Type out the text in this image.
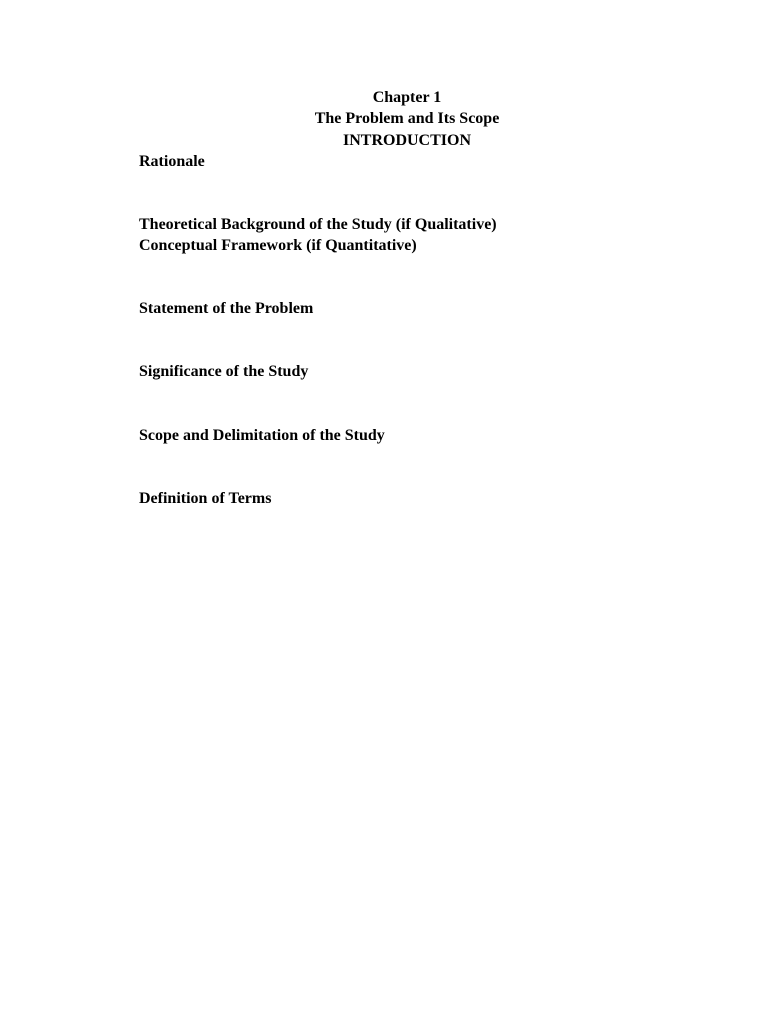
Chapter 1
The Problem and Its Scope
INTRODUCTION
Rationale
Theoretical Background of the Study (if Qualitative)
Conceptual Framework (if Quantitative)
Statement of the Problem
Significance of the Study
Scope and Delimitation of the Study
Definition of Terms
